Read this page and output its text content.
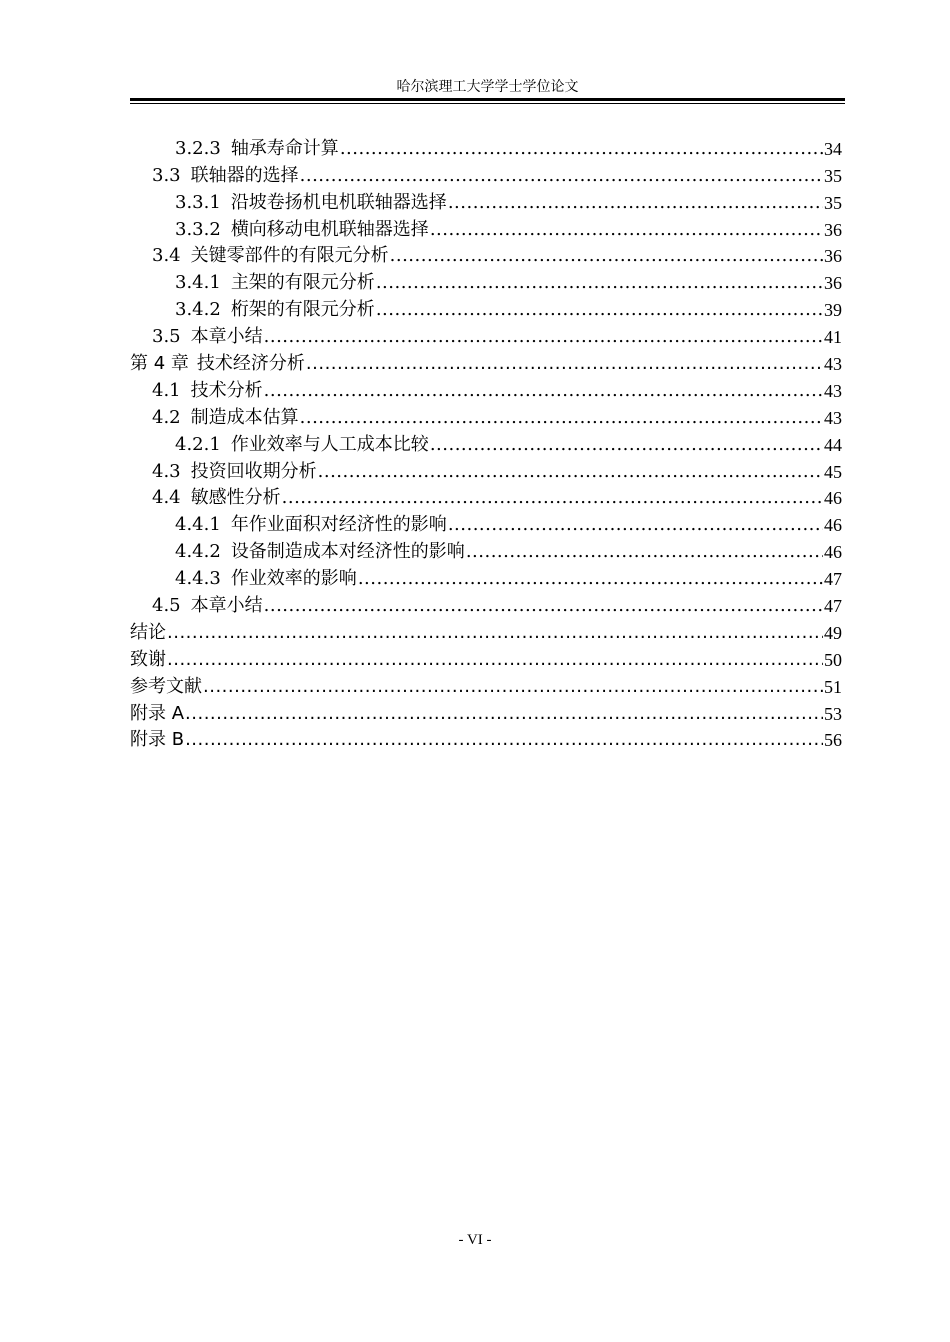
哈尔滨理工大学学士学位论文
3.2.3 轴承寿命计算 .....	34
3.3 联轴器的选择 .....	35
3.3.1 沿坡卷扬机电机联轴器选择 .....	35
3.3.2 横向移动电机联轴器选择 .....	36
3.4 关键零部件的有限元分析 .....	36
3.4.1 主架的有限元分析 .....	36
3.4.2 桁架的有限元分析 .....	39
3.5 本章小结 .....	41
第 4 章 技术经济分析 .....	43
4.1 技术分析 .....	43
4.2 制造成本估算 .....	43
4.2.1 作业效率与人工成本比较 .....	44
4.3 投资回收期分析 .....	45
4.4 敏感性分析 .....	46
4.4.1 年作业面积对经济性的影响 .....	46
4.4.2 设备制造成本对经济性的影响 .....	46
4.4.3 作业效率的影响 .....	47
4.5 本章小结 .....	47
结论 .....	49
致谢 .....	50
参考文献 .....	51
附录 A .....	53
附录 B .....	56
- VI -
